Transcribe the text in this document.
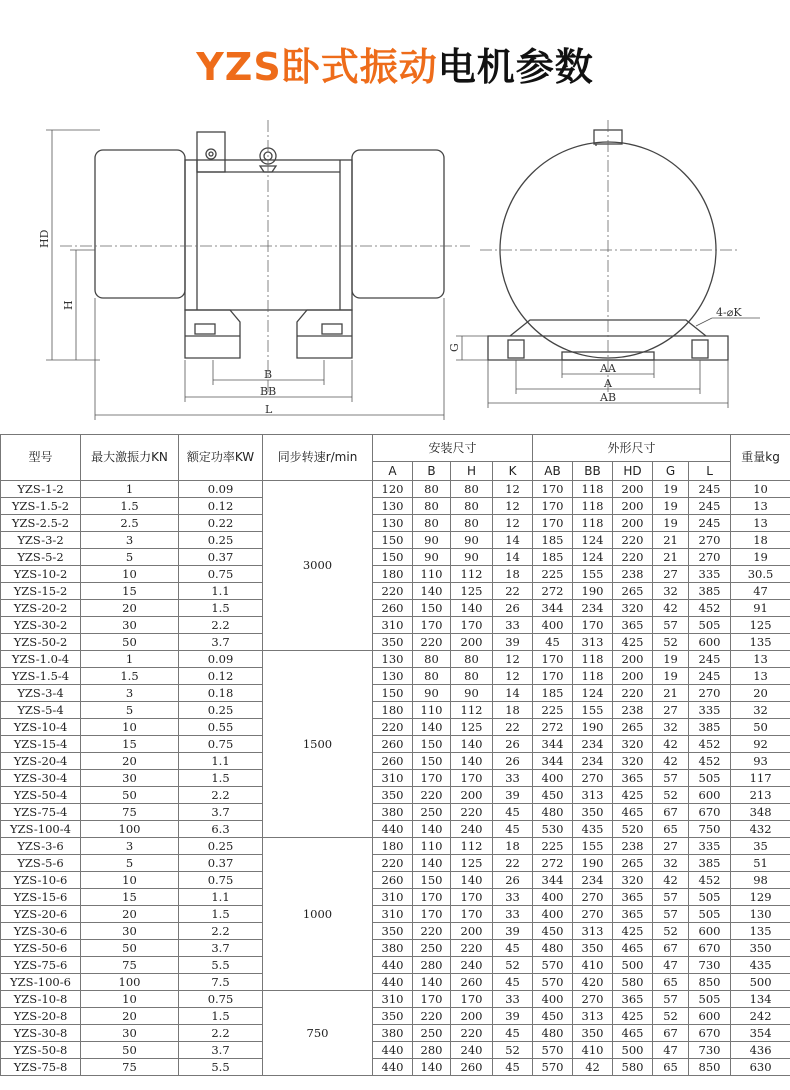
YZS卧式振动电机参数
HD
H
B
BB
L
G
AA
A
AB
4-⌀K
型号	最大激振力KN	额定功率KW	同步转速r/min	安装尺寸				外形尺寸					重量kg
				A	B	H	K	AB	BB	HD	G	L	
YZS-1-2	1	0.09	3000	120	80	80	12	170	118	200	19	245	10
YZS-1.5-2	1.5	0.12		130	80	80	12	170	118	200	19	245	13
YZS-2.5-2	2.5	0.22		130	80	80	12	170	118	200	19	245	13
YZS-3-2	3	0.25		150	90	90	14	185	124	220	21	270	18
YZS-5-2	5	0.37		150	90	90	14	185	124	220	21	270	19
YZS-10-2	10	0.75		180	110	112	18	225	155	238	27	335	30.5
YZS-15-2	15	1.1		220	140	125	22	272	190	265	32	385	47
YZS-20-2	20	1.5		260	150	140	26	344	234	320	42	452	91
YZS-30-2	30	2.2		310	170	170	33	400	170	365	57	505	125
YZS-50-2	50	3.7		350	220	200	39	45	313	425	52	600	135
YZS-1.0-4	1	0.09	1500	130	80	80	12	170	118	200	19	245	13
YZS-1.5-4	1.5	0.12		130	80	80	12	170	118	200	19	245	13
YZS-3-4	3	0.18		150	90	90	14	185	124	220	21	270	20
YZS-5-4	5	0.25		180	110	112	18	225	155	238	27	335	32
YZS-10-4	10	0.55		220	140	125	22	272	190	265	32	385	50
YZS-15-4	15	0.75		260	150	140	26	344	234	320	42	452	92
YZS-20-4	20	1.1		260	150	140	26	344	234	320	42	452	93
YZS-30-4	30	1.5		310	170	170	33	400	270	365	57	505	117
YZS-50-4	50	2.2		350	220	200	39	450	313	425	52	600	213
YZS-75-4	75	3.7		380	250	220	45	480	350	465	67	670	348
YZS-100-4	100	6.3		440	140	240	45	530	435	520	65	750	432
YZS-3-6	3	0.25	1000	180	110	112	18	225	155	238	27	335	35
YZS-5-6	5	0.37		220	140	125	22	272	190	265	32	385	51
YZS-10-6	10	0.75		260	150	140	26	344	234	320	42	452	98
YZS-15-6	15	1.1		310	170	170	33	400	270	365	57	505	129
YZS-20-6	20	1.5		310	170	170	33	400	270	365	57	505	130
YZS-30-6	30	2.2		350	220	200	39	450	313	425	52	600	135
YZS-50-6	50	3.7		380	250	220	45	480	350	465	67	670	350
YZS-75-6	75	5.5		440	280	240	52	570	410	500	47	730	435
YZS-100-6	100	7.5		440	140	260	45	570	420	580	65	850	500
YZS-10-8	10	0.75	750	310	170	170	33	400	270	365	57	505	134
YZS-20-8	20	1.5		350	220	200	39	450	313	425	52	600	242
YZS-30-8	30	2.2		380	250	220	45	480	350	465	67	670	354
YZS-50-8	50	3.7		440	280	240	52	570	410	500	47	730	436
YZS-75-8	75	5.5		440	140	260	45	570	42	580	65	850	630
